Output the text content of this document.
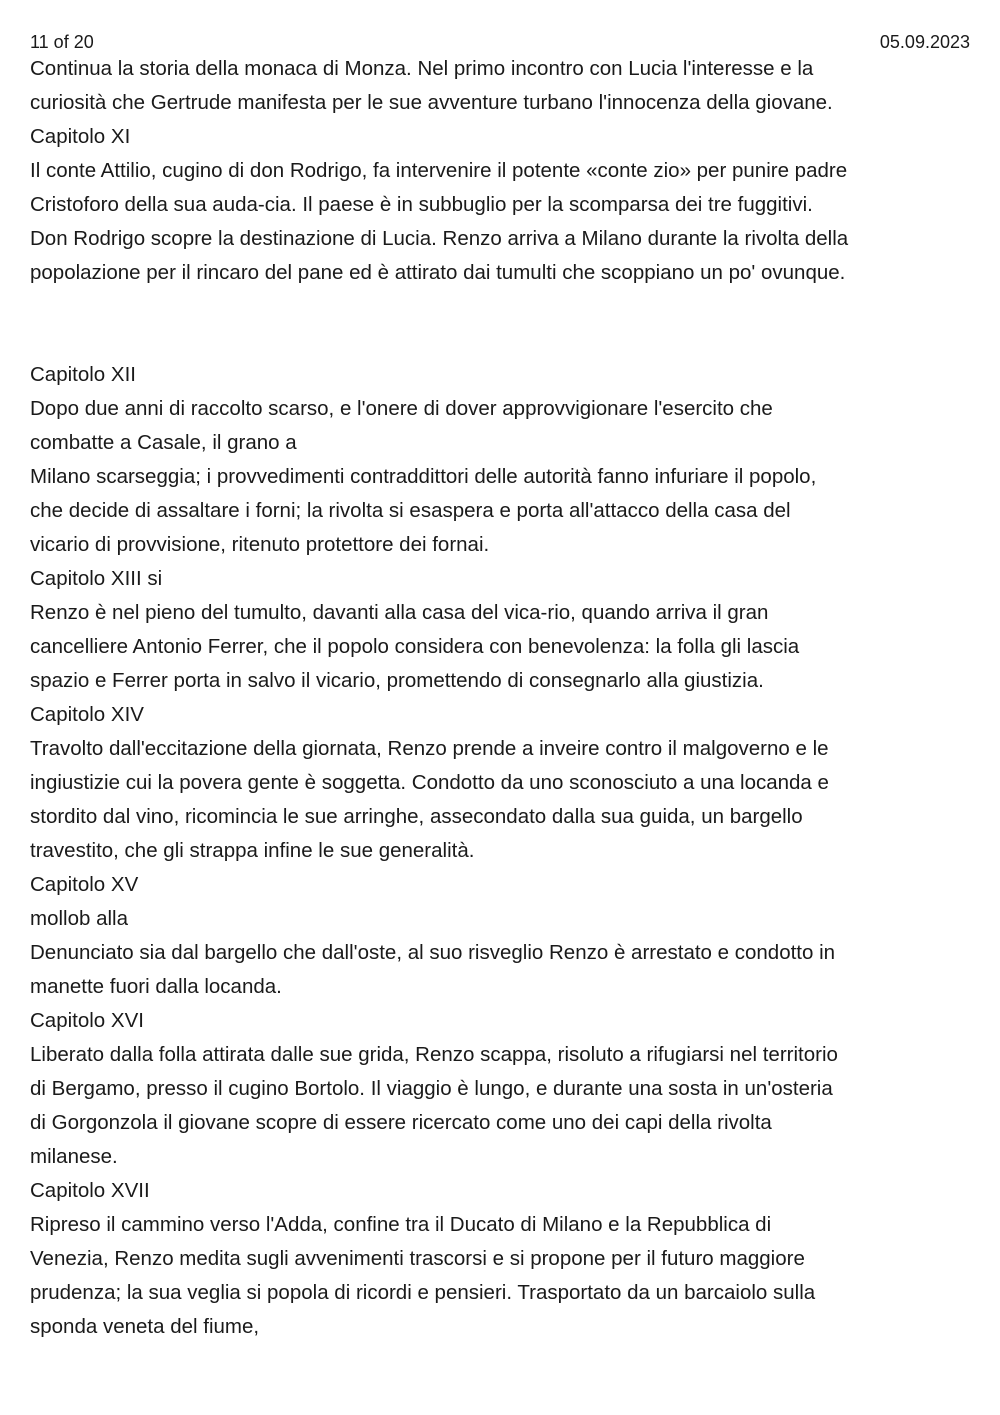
11 of 20	05.09.2023
Continua la storia della monaca di Monza. Nel primo incontro con Lucia l'interesse e la
curiosità che Gertrude manifesta per le sue avventure turbano l'innocenza della giovane.
Capitolo XI
Il conte Attilio, cugino di don Rodrigo, fa intervenire il potente «conte zio» per punire padre
Cristoforo della sua auda-cia. Il paese è in subbuglio per la scomparsa dei tre fuggitivi.
Don Rodrigo scopre la destinazione di Lucia. Renzo arriva a Milano durante la rivolta della
popolazione per il rincaro del pane ed è attirato dai tumulti che scoppiano un po' ovunque.
Capitolo XII
Dopo due anni di raccolto scarso, e l'onere di dover approvvigionare l'esercito che
combatte a Casale, il grano a
Milano scarseggia; i provvedimenti contraddittori delle autorità fanno infuriare il popolo,
che decide di assaltare i forni; la rivolta si esaspera e porta all'attacco della casa del
vicario di provvisione, ritenuto protettore dei fornai.
Capitolo XIII si
Renzo è nel pieno del tumulto, davanti alla casa del vica-rio, quando arriva il gran
cancelliere Antonio Ferrer, che il popolo considera con benevolenza: la folla gli lascia
spazio e Ferrer porta in salvo il vicario, promettendo di consegnarlo alla giustizia.
Capitolo XIV
Travolto dall'eccitazione della giornata, Renzo prende a inveire contro il malgoverno e le
ingiustizie cui la povera gente è soggetta. Condotto da uno sconosciuto a una locanda e
stordito dal vino, ricomincia le sue arringhe, assecondato dalla sua guida, un bargello
travestito, che gli strappa infine le sue generalità.
Capitolo XV
mollob alla
Denunciato sia dal bargello che dall'oste, al suo risveglio Renzo è arrestato e condotto in
manette fuori dalla locanda.
Capitolo XVI
Liberato dalla folla attirata dalle sue grida, Renzo scappa, risoluto a rifugiarsi nel territorio
di Bergamo, presso il cugino Bortolo. Il viaggio è lungo, e durante una sosta in un'osteria
di Gorgonzola il giovane scopre di essere ricercato come uno dei capi della rivolta
milanese.
Capitolo XVII
Ripreso il cammino verso l'Adda, confine tra il Ducato di Milano e la Repubblica di
Venezia, Renzo medita sugli avvenimenti trascorsi e si propone per il futuro maggiore
prudenza; la sua veglia si popola di ricordi e pensieri. Trasportato da un barcaiolo sulla
sponda veneta del fiume,
